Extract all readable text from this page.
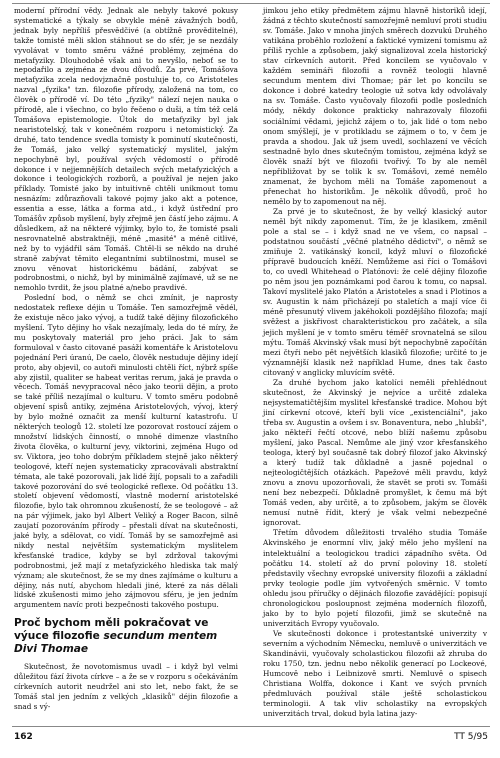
moderní přírodní vědy. Jednak ale nebyly takové pokusy systematické a týkaly se obvykle méně závažných bodů, jednak byly nepříliš přesvědčivé (a obtížně prověditelné), takže tomisté měli sklon stáhnout se do sfér, je se nezdály vyvolávat v tomto směru vážné problémy, zejména do metafyziky. Dlouhodobě však ani to nevyšlo, neboť se to nepodařilo a zejména ze dvou důvodů. Za prvé, Tomášova metafyzika zcela nedovjznačně postuluje to, co Aristoteles nazval „fyzika" tzn. filozofie přírody, založená na tom, co člověk o přírodě ví. Do této „fyziky" nálezí nejen nauka o přírodě, ale i všechno, co bylo řečeno o duši, a tím též celá Tomášova epistemologie. Útok do metafyziky byl jak nearistotelský, tak v konečném rozporu i netomistický. Za druhé, tato tendence svedla tomisty k pominutí skutečnosti, že Tomáš, jako velký systematický myslitel, jakým nepochybně byl, používal svých vědomostí o přírodě dokonce i v nejjemnějších detailech svých metafyzických a dokonce i teologických rozborů, a používal je nejen jako příklady. Tomisté jako by intuitivně chtěli unikmout tomu nesnázím: zdůrazňovali takové pojmy jako akt a potence, essentia a esse, látka a forma atd., i když ústřední pro Tomášův způsob myšlení, byly zřejmě jen částí jeho zájmu. A důsledkem, až na některé výjimky, bylo to, že tomisté psali nesrovnatelně abstraktněji, méně „masité" a méně citlivé, než by to vyjádřil sám Tomáš. Chtěl-li se někdo na druhé straně zabývat těmito elegantními subtilnostmi, musel se znovu věnovat historickému bádání, zabývat se podrobnostmi, o nichž, byl by minimálně zajímavé, už se ne nemohlo tvrdit, že jsou platné a/nebo pravdivé.

Poslední bod, o němž se chci zmínit, je naprosty nedostatek reflexe déjin u Tomáše. Ten samozřejmě vědél, že existuje něco jako vývoj, a tudíž také dějiny filozofického myšlení. Tyto dějiny ho však nezajímaly, leda do té míry, že mu poskytovaly materiál pro jeho práci. Jak to sám formuloval v často citované pasáži komentáře k Aristotelovu pojednání Peri úranú, De caelo, člověk nestuduje dějiny idejí proto, aby objevil, co autoři minulosti chtěli říct, nýbrž spíše aby zjistil, qualiter se habeat veritas rerum, jaká je pravda o věcech. Tomáš nevypracoval něco jako teorii dějin, a proto se také příliš nezajímal o kulturu. V tomto směru podobně objevení spisů antiky, zejména Aristotelových, vývoj, který by bylo možné označit za menší kulturní katastrofu. U některých teologů 12. století lze pozorovat rostoucí zájem o množství lidských činností, o mnohé dimenze vlastního života člověka, o kulturní jevy, viktorini, zejména Hugo od sv. Viktora, jeo toho dobrým příkladem stejně jako některý teologové, kteří nejen systematicky zpracovávali abstraktní témata, ale také pozorovali, jak lidé žijí, popsali to a zařadili takové pozorování do své teologické reflexe. Od počátku 13. století objevení vědomostí, vlastně moderní aristotelské filozofie, bylo tak ohromnou zkušeností, že se teologové – až na pár výjimek, jako byl Albert Veliký a Roger Bacon, silně zaujatí pozorováním přírody – přestali dívat na skutečnosti, jaké byly, a sdělovat, co vidí. Tomáš by se samozřejmě asi nikdy nestal největším systematickým myslitelem křesťanské tradice, kdyby se byl zdržoval takovými podrobnostmi, jež mají z metafyzického hlediska tak malý význam; ale skutečnost, že se my dnes zajímáme o kulturu a dějiny, nás nutí, abychom hledali jiné, které za nás dělali lidské zkušenosti mimo jeho zájmovou sféru, je jen jedním argumentem navíc proti bezpečnosti takového postupu.

Proč bychom měli pokračovat ve výuce filozofie secundum mentem Divi Thomae

Skutečnost, že novotomismus uvadl – i když byl velmi důležitou fází života církve – a že se v rozporu s očekáváním církevních autorit neudržel ani sto let, nebo fakt, že se Tomáš stal jen jedním z velkých „klasiků" déjin filozofie a snad s vý-

jimkou jeho etiky předmětem zájmu hlavně historiků idejí, žádná z těchto skutečností samozřejmě nemluví proti studiu sv. Tomáše. Jako v mnoha jiných směrech dozvukú Druhého vatikána proběhlo rozložení a faktické vymizení tomismu až příliš rychle a způsobem, jaký signalizoval zcela historický stav církevních autorit. Před koncilem se vyučovalo v každém semináři filozofii a rovněž teologii hlavně secundum mentem divi Thomae; pár let po koncilu se dokonce i dobré katedry teologie už sotva kdy odvolávaly na sv. Tomáše. Často vyučovaly filozofii podle posledních módy, někdy dokonce prakticky nahrazovaly filozofii sociálními vědami, jejichž zájem o to, jak lidé o tom nebo onom smýšlejí, je v protikladu se zájmem o to, v čem je pravda a shodou. Jak už jsem uvedl, sochlazení ve věcích sestnadně bylo dnes skutečným tomistou, zejména když se člověk snaží být ve filozofii tvořivý. To by ale neměl nepřibližovat by se tolik k sv. Tomášovi, zemé nemělo znamenat, že bychom měli na Tomáše zapomenout a přenechat ho historikům. Je několik důvodů, proč ho nemělo by to zapomenout na něj.

Za prvé je to skutečnost, že by velký klasický autor neměl být nikdy zapomenut. Tím, že je klasikem, změnil pole a stal se – i když snad ne ve všem, co napsal – podstatnou součástí „věčné platného dědictví", o němž se zmiňuje 2. vatikánský koncil, když mluví o filozofické přípravě budoucích kněží. Nemůžeme asi říci o Tomášovi to, co uvedl Whitehead o Platónovi: že celé dějiny filozofie po něm jsou jen poznámkami pod čarou k tomu, co napsal. Takoví myslitelé jako Platón a Aristoteles a snad i Plotinos a sv. Augustin k nám přicházejí po staletích a mají více či méně přesunutý vlivem jakéhokoli pozdějšího filozofa; mají svěžest a jiskřivost charakteristickou pro začátek, a síla jejich myšlení je v tomto směru téměř srovnatelná se silou mýtu. Tomáš Akvinský však musí být nepochybně započítán mezi čtyři nebo pět největších klasiků filozofie; určité to je významnější klasik než například Hume, dnes tak často citovaný v anglicky mluvícím světě.

Za druhé bychom jako katolíci neměli přehlédnout skutečnost, že Akvinský je nejvíce a určitě zdaleka nejsystematičtějším myslitel křesťanské tradice. Mohou být jiní církevní otcové, kteří byli více „existenciální", jako třeba sv. Augustin a ovšem i sv. Bonaventura, nebo „hlubší", jako někteří řečtí otcové, nebo blíží našemu způsobu myšlení, jako Pascal. Nemůme ale jiný vzor křesťanského teologa, který byl současně tak dobrý filozof jako Akvinský a který tudíž tak důkladně a jasně pojednal o nejteologičtějších otázkách. Papežové měli pravdu, když znovu a znovu upozorňovali, že stavět se proti sv. Tomáši není bez nebezpečí. Důkladně promyšlet, k čemu má být Tomáš veden, aby určitě, a to způsobem, jakým se člověk nemusí nutně řídit, který je však velmi nebezpečné ignorovat.

Třetím důvodem důležitosti trvalého studia Tomáše Akvinského je enormní vliv, jaký mělo jeho myšlení na intelektuální a teologickou tradici západního světa. Od počátku 14. století až do první poloviny 18. století představily všechny evropské university filozofii a základní prvky teologie podle jím vytvořených směrnic. V tomto ohledu jsou příručky o dějinách filozofie zavádějící: popisují chronologickou posloupnost zejména moderních filozofů, jako by to bylo pojetí filozofii, jimž se skutečně na univerzitách Evropy vyučovalo.

Ve skutečnosti dokonce i protestantské univerzity v severním a východním Německu, nemluvě o univerzitách ve Skandinávii, vyučovaly scholastickou filozofii až zhruba do roku 1750, tzn. jednu nebo několik generací po Lockeové, Humcově nebo i Leibnizově smrti. Nemluvě o spisech Christiana Wolffa, dokonce i Kant ve svých prvních předmluvách používal stále ještě scholastickou terminologii. A tak vliv scholastiky na evropských univerzitách trval, dokud byla latina jazy-

162	TT 5/95
